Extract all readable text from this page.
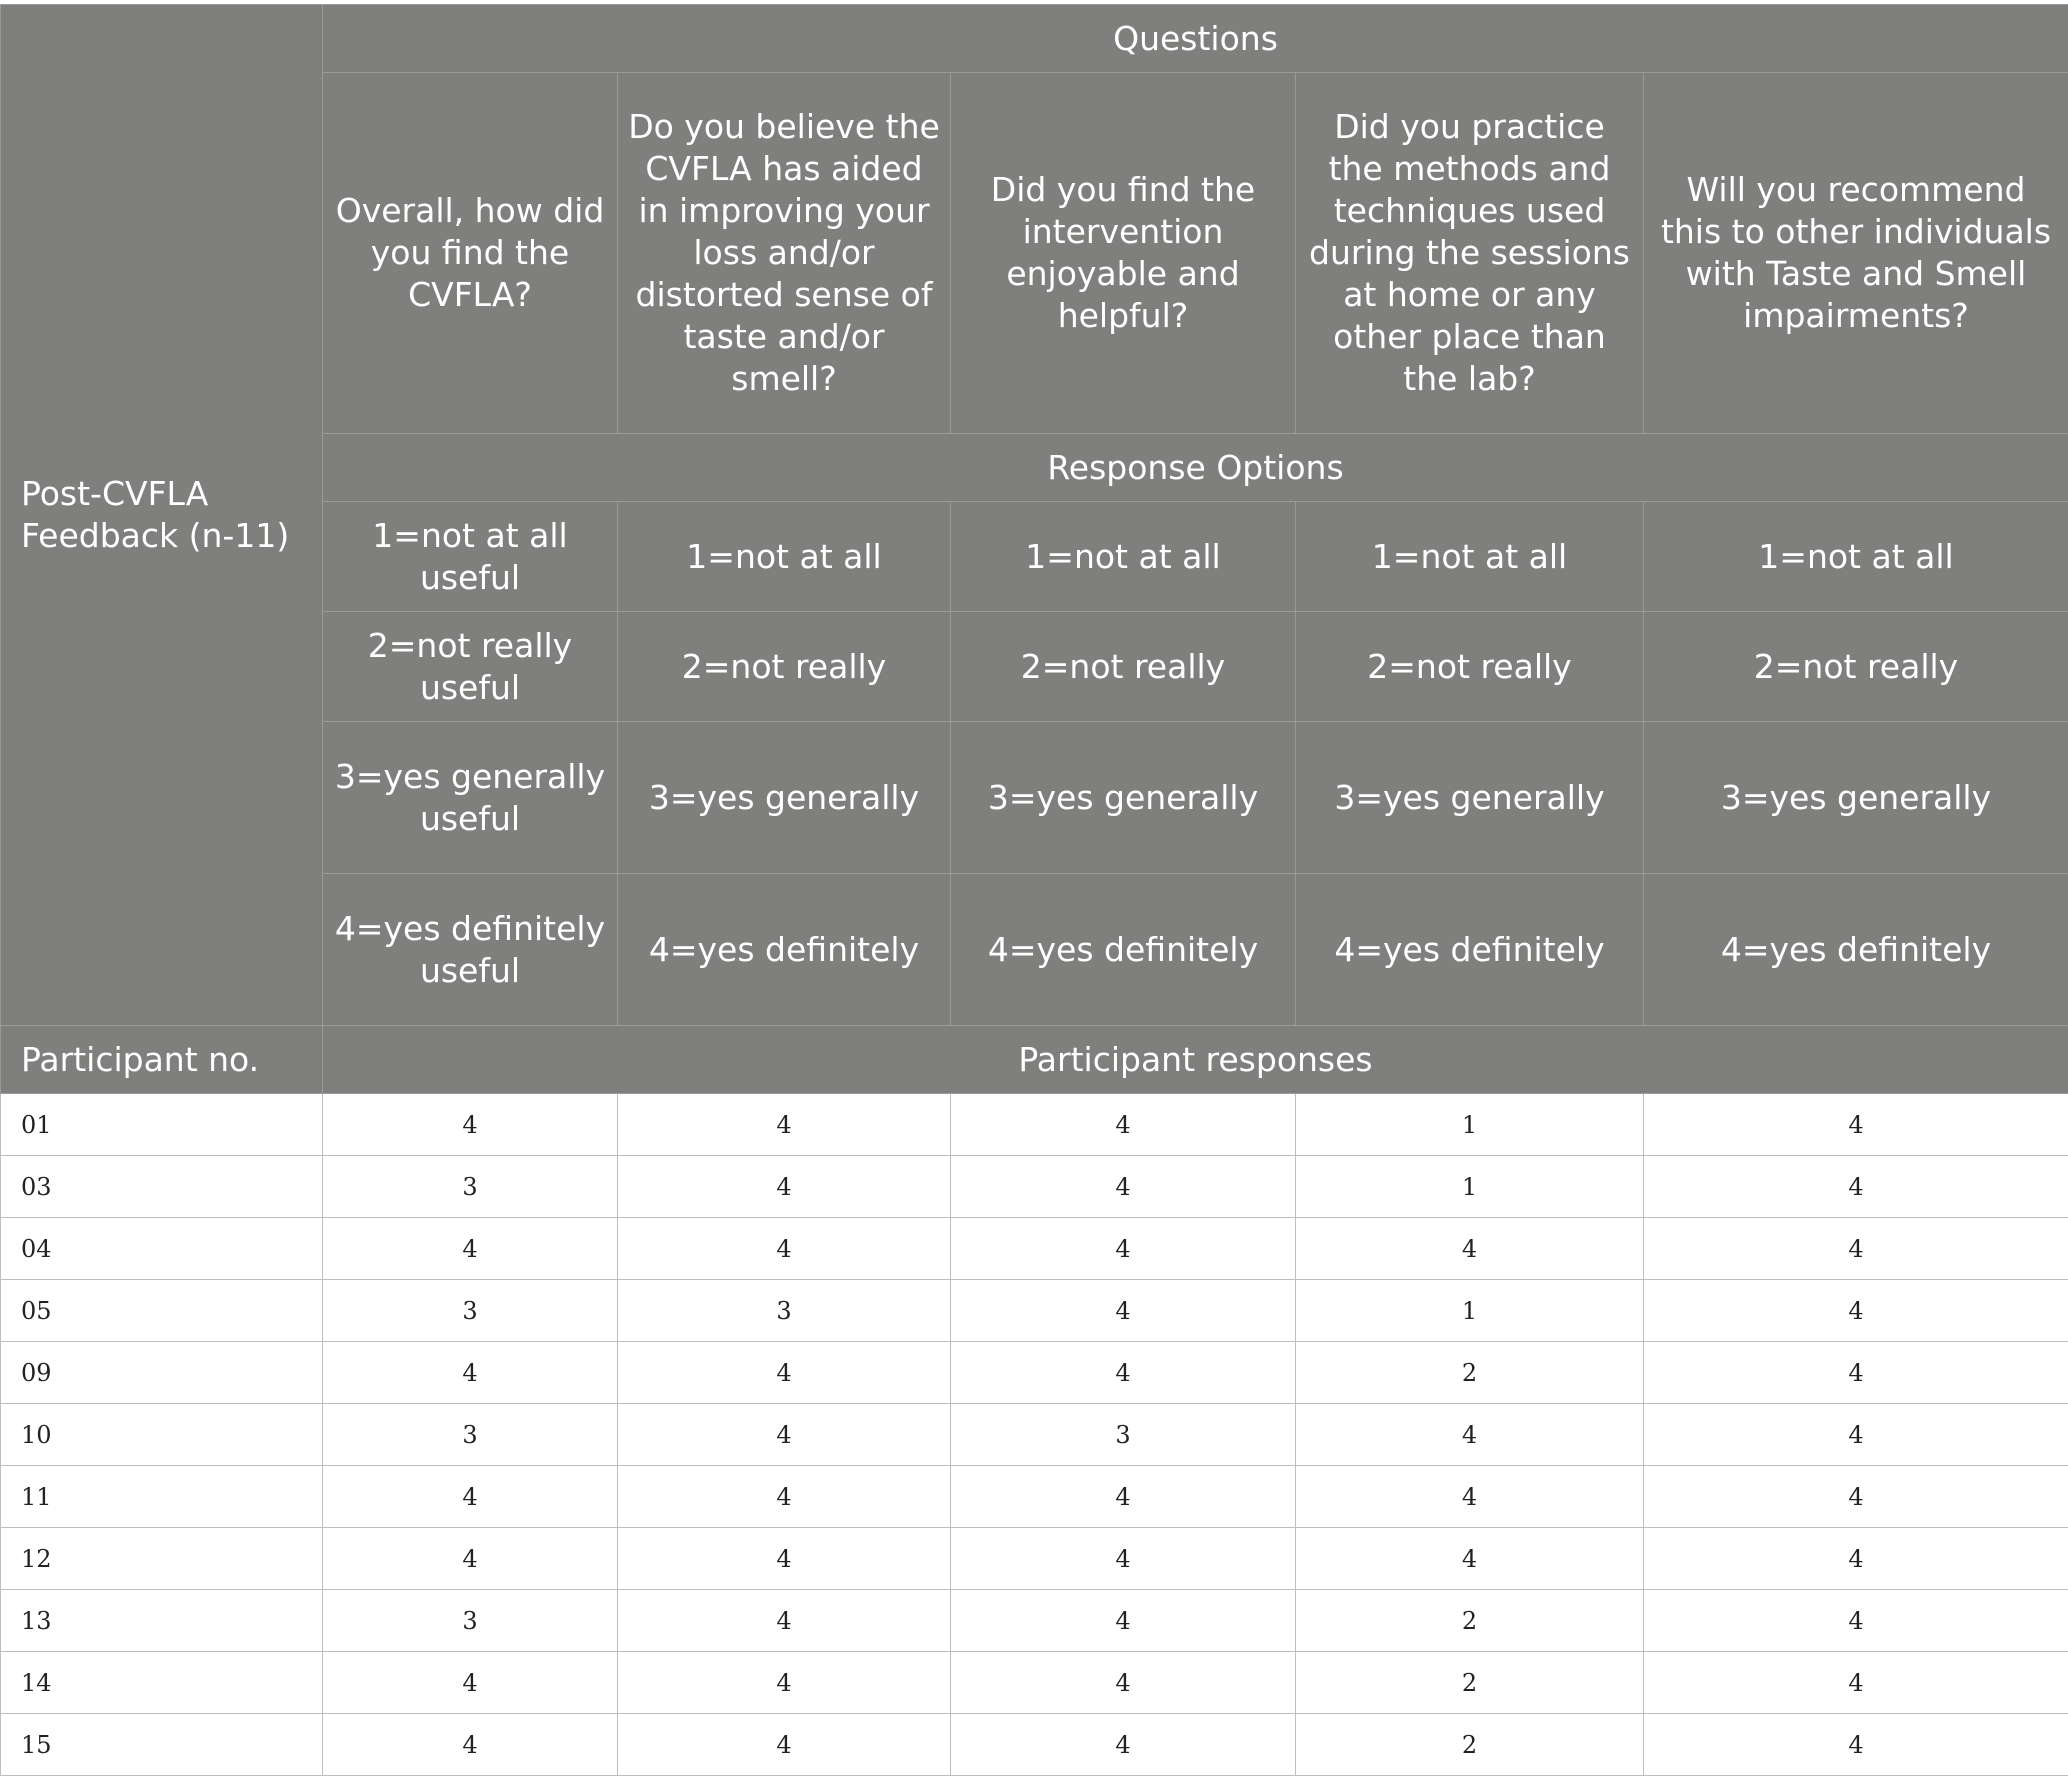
Post-CVFLA Feedback (n-11)	Questions				
	Overall, how did you find the CVFLA?	Do you believe the CVFLA has aided in improving your loss and/or distorted sense of taste and/or smell?	Did you find the intervention enjoyable and helpful?	Did you practice the methods and techniques used during the sessions at home or any other place than the lab?	Will you recommend this to other individuals with Taste and Smell impairments?
	Response Options				
	1=not at all useful	1=not at all	1=not at all	1=not at all	1=not at all
	2=not really useful	2=not really	2=not really	2=not really	2=not really
	3=yes generally useful	3=yes generally	3=yes generally	3=yes generally	3=yes generally
	4=yes definitely useful	4=yes definitely	4=yes definitely	4=yes definitely	4=yes definitely
Participant no.	Participant responses				
01	4	4	4	1	4
03	3	4	4	1	4
04	4	4	4	4	4
05	3	3	4	1	4
09	4	4	4	2	4
10	3	4	3	4	4
11	4	4	4	4	4
12	4	4	4	4	4
13	3	4	4	2	4
14	4	4	4	2	4
15	4	4	4	2	4
